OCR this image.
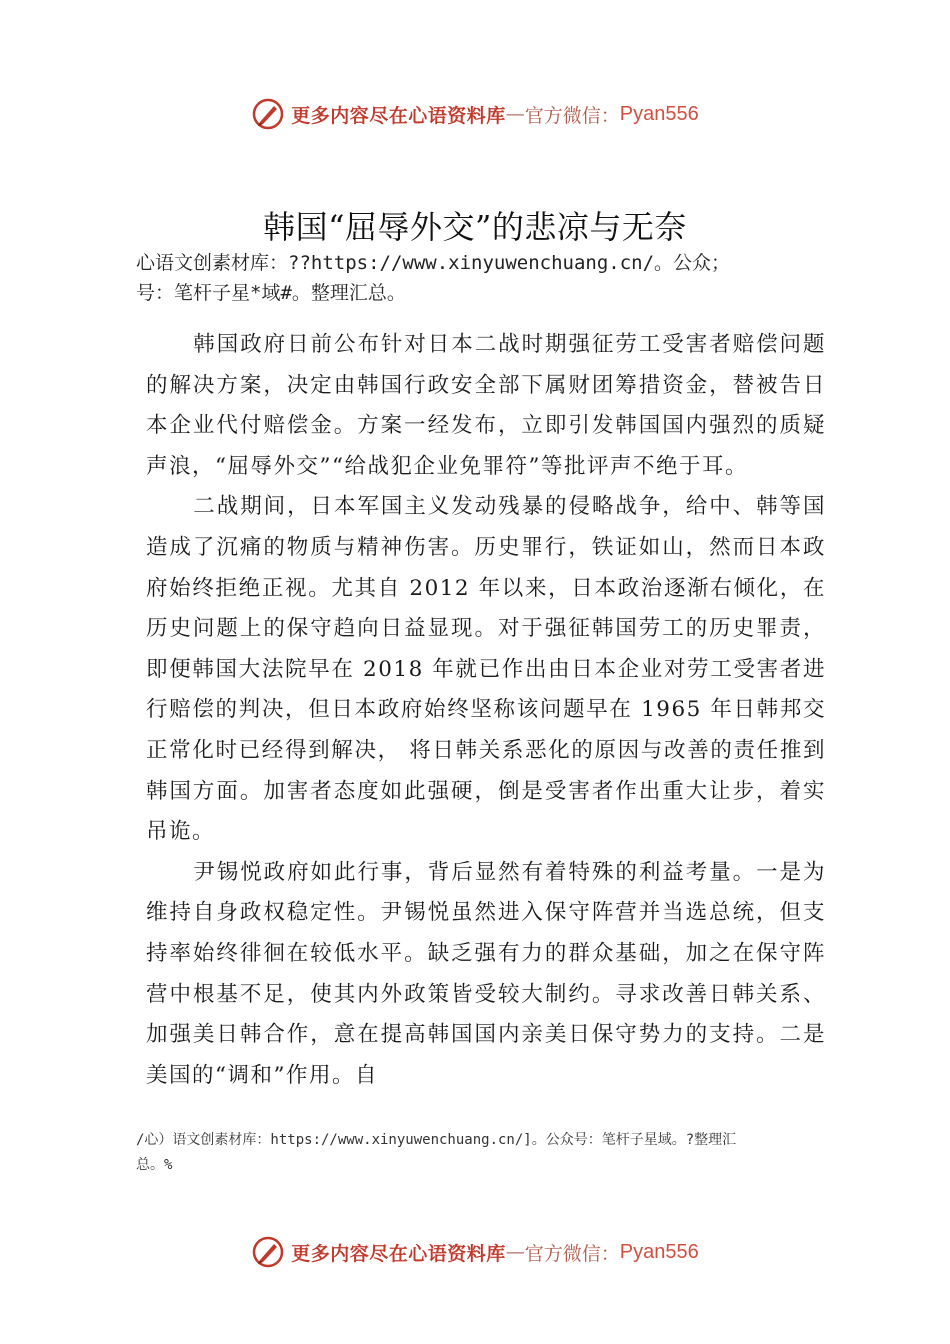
更多内容尽在心语资料库 — 官方微信： Pyan556
韩国“屈辱外交”的悲凉与无奈
心语文创素材库：??https://www.xinyuwenchuang.cn/。公众；
号：笔杆子星*域#。整理汇总。

韩国政府日前公布针对日本二战时期强征劳工受害者赔偿问题的解决方案，决定由韩国行政安全部下属财团筹措资金，替被告日本企业代付赔偿金。方案一经发布，立即引发韩国国内强烈的质疑声浪，“屈辱外交”“给战犯企业免罪符”等批评声不绝于耳。

二战期间，日本军国主义发动残暴的侵略战争，给中、韩等国造成了沉痛的物质与精神伤害。历史罪行，铁证如山，然而日本政府始终拒绝正视。尤其自 2012 年以来，日本政治逐渐右倾化，在历史问题上的保守趋向日益显现。对于强征韩国劳工的历史罪责，即便韩国大法院早在 2018 年就已作出由日本企业对劳工受害者进行赔偿的判决，但日本政府始终坚称该问题早在 1965 年日韩邦交正常化时已经得到解决， 将日韩关系恶化的原因与改善的责任推到韩国方面。加害者态度如此强硬，倒是受害者作出重大让步，着实吊诡。

尹锡悦政府如此行事，背后显然有着特殊的利益考量。一是为维持自身政权稳定性。尹锡悦虽然进入保守阵营并当选总统，但支持率始终徘徊在较低水平。缺乏强有力的群众基础，加之在保守阵营中根基不足，使其内外政策皆受较大制约。寻求改善日韩关系、加强美日韩合作，意在提高韩国国内亲美日保守势力的支持。二是美国的“调和”作用。自

/心）语文创素材库：https://www.xinyuwenchuang.cn/]。公众号：笔杆子星域。?整理汇
总。%
更多内容尽在心语资料库 — 官方微信： Pyan556
